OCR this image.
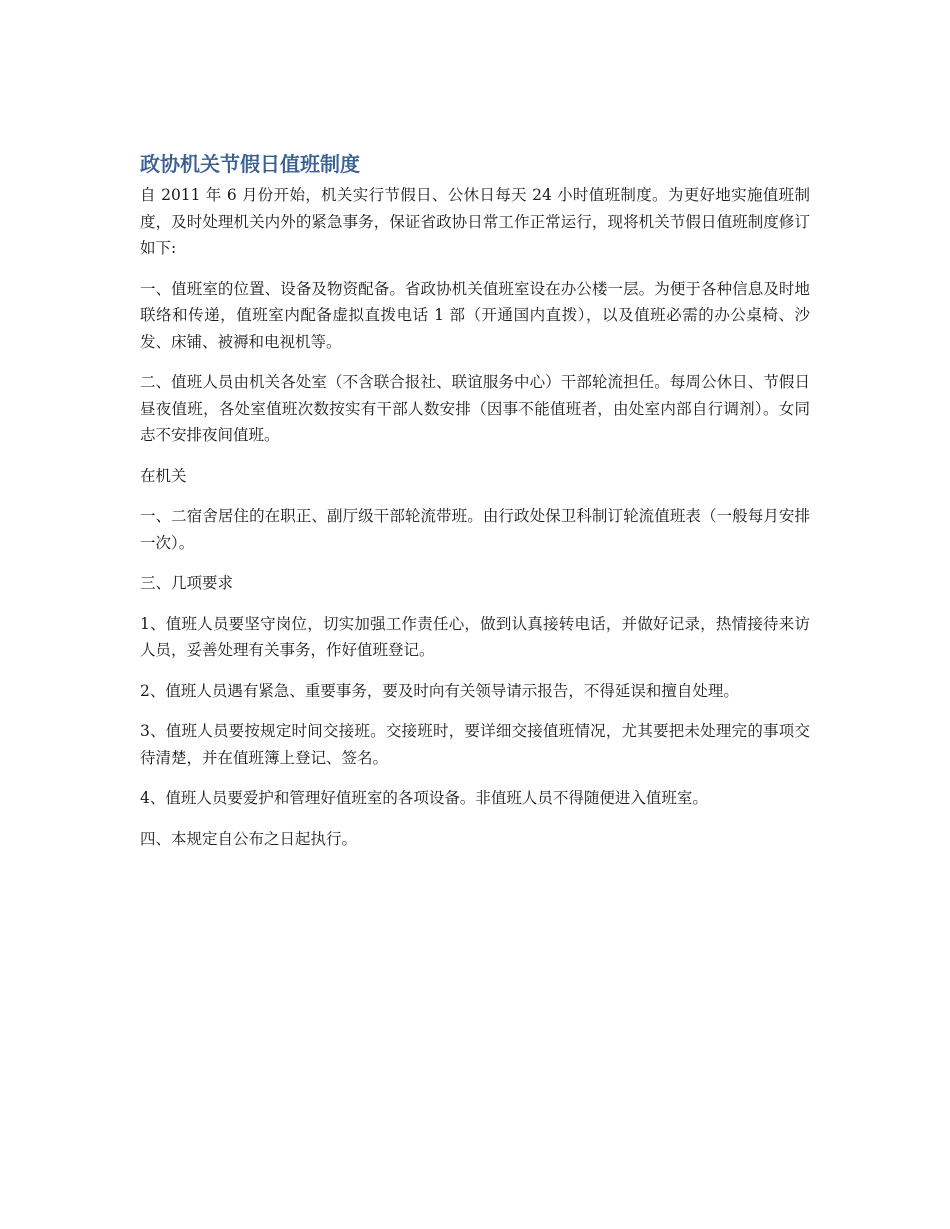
政协机关节假日值班制度

自 2011 年 6 月份开始，机关实行节假日、公休日每天 24 小时值班制度。为更好地实施值班制度，及时处理机关内外的紧急事务，保证省政协日常工作正常运行，现将机关节假日值班制度修订如下:

一、值班室的位置、设备及物资配备。省政协机关值班室设在办公楼一层。为便于各种信息及时地联络和传递，值班室内配备虚拟直拨电话 1 部（开通国内直拨），以及值班必需的办公桌椅、沙发、床铺、被褥和电视机等。

二、值班人员由机关各处室（不含联合报社、联谊服务中心）干部轮流担任。每周公休日、节假日昼夜值班，各处室值班次数按实有干部人数安排（因事不能值班者，由处室内部自行调剂）。女同志不安排夜间值班。

在机关

一、二宿舍居住的在职正、副厅级干部轮流带班。由行政处保卫科制订轮流值班表（一般每月安排一次）。

三、几项要求

1、值班人员要坚守岗位，切实加强工作责任心，做到认真接转电话，并做好记录，热情接待来访人员，妥善处理有关事务，作好值班登记。

2、值班人员遇有紧急、重要事务，要及时向有关领导请示报告，不得延误和擅自处理。

3、值班人员要按规定时间交接班。交接班时，要详细交接值班情况，尤其要把未处理完的事项交待清楚，并在值班簿上登记、签名。

4、值班人员要爱护和管理好值班室的各项设备。非值班人员不得随便进入值班室。

四、本规定自公布之日起执行。
